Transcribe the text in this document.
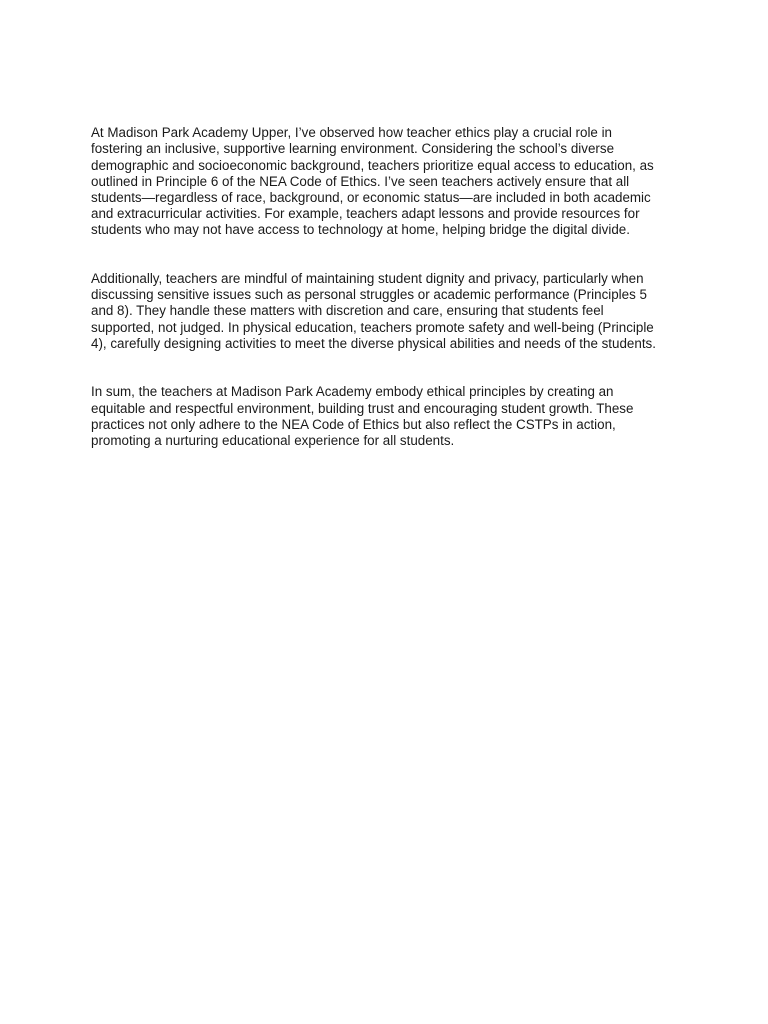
At Madison Park Academy Upper, I’ve observed how teacher ethics play a crucial role in
fostering an inclusive, supportive learning environment. Considering the school’s diverse
demographic and socioeconomic background, teachers prioritize equal access to education, as
outlined in Principle 6 of the NEA Code of Ethics. I’ve seen teachers actively ensure that all
students—regardless of race, background, or economic status—are included in both academic
and extracurricular activities. For example, teachers adapt lessons and provide resources for
students who may not have access to technology at home, helping bridge the digital divide.

Additionally, teachers are mindful of maintaining student dignity and privacy, particularly when
discussing sensitive issues such as personal struggles or academic performance (Principles 5
and 8). They handle these matters with discretion and care, ensuring that students feel
supported, not judged. In physical education, teachers promote safety and well-being (Principle
4), carefully designing activities to meet the diverse physical abilities and needs of the students.

In sum, the teachers at Madison Park Academy embody ethical principles by creating an
equitable and respectful environment, building trust and encouraging student growth. These
practices not only adhere to the NEA Code of Ethics but also reflect the CSTPs in action,
promoting a nurturing educational experience for all students.
